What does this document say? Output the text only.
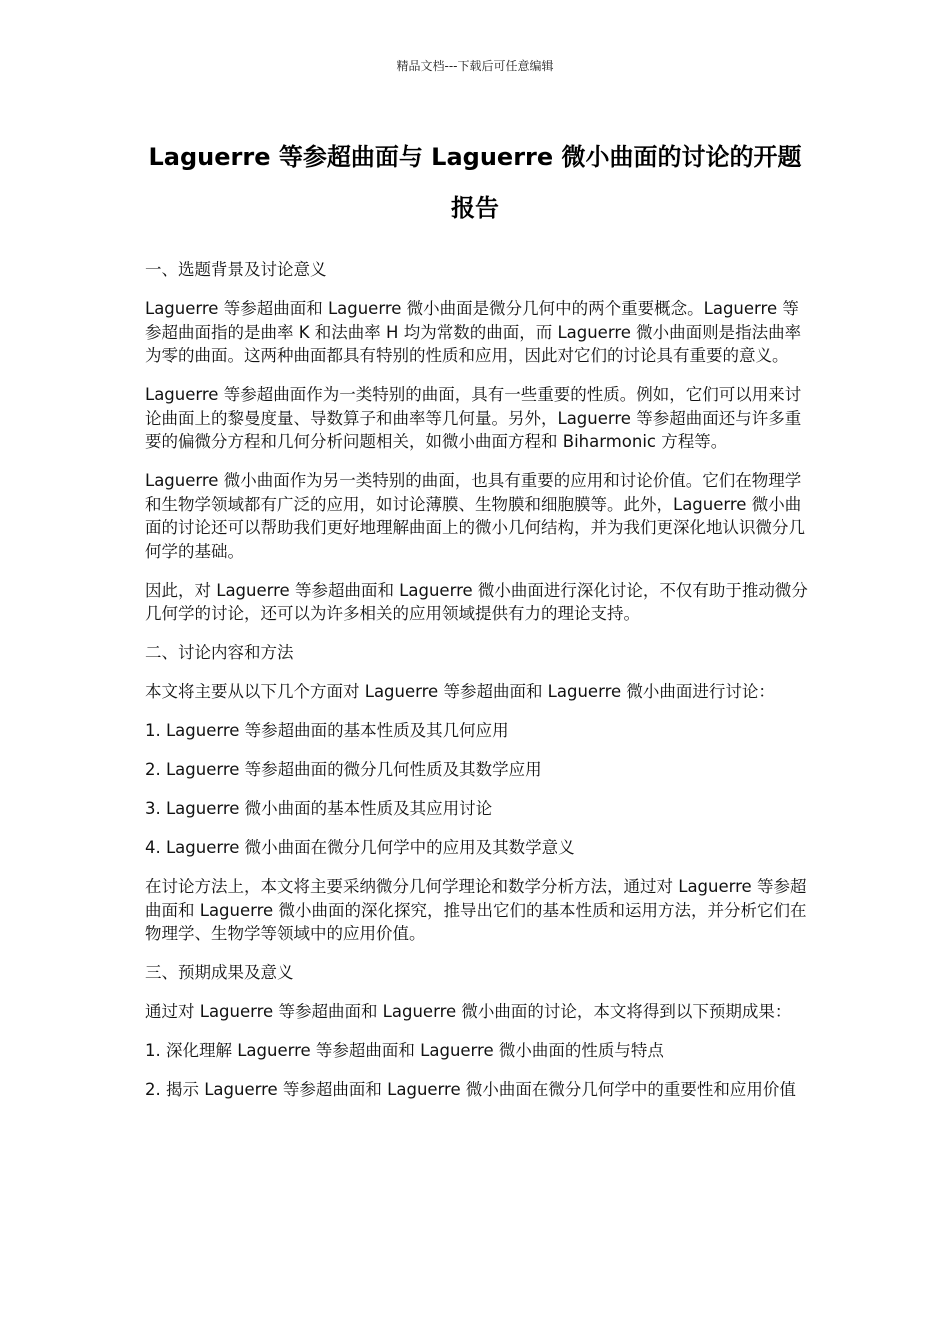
精品文档---下载后可任意编辑
Laguerre 等参超曲面与 Laguerre 微小曲面的讨论的开题报告

一、选题背景及讨论意义

Laguerre 等参超曲面和 Laguerre 微小曲面是微分几何中的两个重要概念。Laguerre 等参超曲面指的是曲率 K 和法曲率 H 均为常数的曲面，而 Laguerre 微小曲面则是指法曲率为零的曲面。这两种曲面都具有特别的性质和应用，因此对它们的讨论具有重要的意义。

Laguerre 等参超曲面作为一类特别的曲面，具有一些重要的性质。例如，它们可以用来讨论曲面上的黎曼度量、导数算子和曲率等几何量。另外，Laguerre 等参超曲面还与许多重要的偏微分方程和几何分析问题相关，如微小曲面方程和 Biharmonic 方程等。

Laguerre 微小曲面作为另一类特别的曲面，也具有重要的应用和讨论价值。它们在物理学和生物学领域都有广泛的应用，如讨论薄膜、生物膜和细胞膜等。此外，Laguerre 微小曲面的讨论还可以帮助我们更好地理解曲面上的微小几何结构，并为我们更深化地认识微分几何学的基础。

因此，对 Laguerre 等参超曲面和 Laguerre 微小曲面进行深化讨论，不仅有助于推动微分几何学的讨论，还可以为许多相关的应用领域提供有力的理论支持。

二、讨论内容和方法

本文将主要从以下几个方面对 Laguerre 等参超曲面和 Laguerre 微小曲面进行讨论：

1. Laguerre 等参超曲面的基本性质及其几何应用

2. Laguerre 等参超曲面的微分几何性质及其数学应用

3. Laguerre 微小曲面的基本性质及其应用讨论

4. Laguerre 微小曲面在微分几何学中的应用及其数学意义

在讨论方法上，本文将主要采纳微分几何学理论和数学分析方法，通过对 Laguerre 等参超曲面和 Laguerre 微小曲面的深化探究，推导出它们的基本性质和运用方法，并分析它们在物理学、生物学等领域中的应用价值。

三、预期成果及意义

通过对 Laguerre 等参超曲面和 Laguerre 微小曲面的讨论，本文将得到以下预期成果：

1. 深化理解 Laguerre 等参超曲面和 Laguerre 微小曲面的性质与特点

2. 揭示 Laguerre 等参超曲面和 Laguerre 微小曲面在微分几何学中的重要性和应用价值
